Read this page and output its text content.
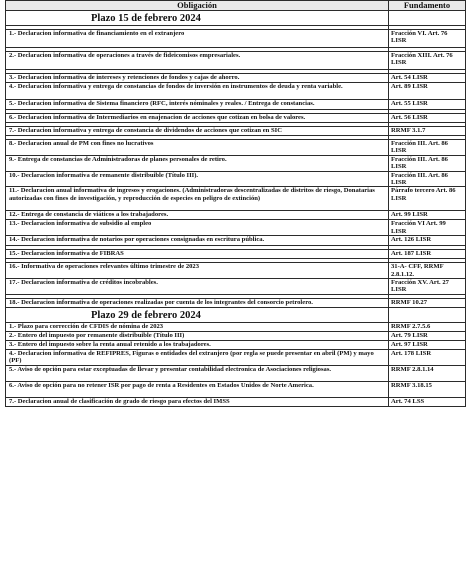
Obligación	Fundamento
Plazo 15 de febrero 2024	

1.- Declaracion informativa de financiamiento en el extranjero	Fracción VI. Art. 76 LISR

2.- Declaracion informativa de operaciones a través de fideicomisos empresariales.	Fracción XIII. Art. 76 LISR

3.- Declaracion informativa de intereses y retenciones de fondos y cajas de ahorro.	Art. 54 LISR
4.- Declaracion informativa y entrega de constancias de fondos de inversión en instrumentos de deuda y renta variable.	Art. 89 LISR
5.- Declaracion informativa de Sistema financiero (RFC, interés nóminales y reales. / Entrega de constancias.	Art. 55 LISR

6.- Declaracion informativa de Intermediarios en enajenacion de acciones que cotizan en bolsa de valores.	Art. 56 LISR

7.- Declaracion informativa y entrega de constancia de dividendos de acciones que cotizan en SIC	RRMF 3.1.7

8.- Declaracion anual de PM con fines no lucrativos	Fracción III. Art. 86 LISR
9.- Entrega de constancias de Administradoras de planes personales de retiro.	Fracción III. Art. 86 LISR
10.- Declaracion informativa de remanente distribuible (Título III).	Fracción III. Art. 86 LISR
11.- Declaracion anual informativa de ingresos y erogaciones. (Administradoras descentralizadas de distritos de riesgo, Donatarias autorizadas con fines de investigación, y reproducción de especies en peligro de extinción)	Párrafo tercero Art. 86 LISR
12.- Entrega de constancia de viáticos a los trabajadores.	Art. 99 LISR
13.- Declaracion informativa de subsidio al empleo	Fracción VI Art. 99 LISR
14.- Declaracion informativa de notarios por operaciones consignadas en escritura pública.	Art. 126 LISR

15.- Declaracion informativa de FIBRAS	Art. 187 LISR

16.- Informativa de operaciones relevantes último trimestre de 2023	31-A- CFF, RRMF 2.8.1.12.
17.- Declaracion informativa de créditos incobrables.	Fracción XV. Art. 27 LISR

18.- Declaracion informativa de operaciones realizadas por cuenta de los integrantes del consorcio petrolero.	RRMF 10.27
Plazo 29 de febrero 2024	
1.- Plazo para corrección de CFDIS de nómina de 2023	RRMF 2.7.5.6
2.- Entero del impuesto por remanente distribuible (Título III)	Art. 79 LISR
3.- Entero del impuesto sobre la renta anual retenido a los trabajadores.	Art. 97 LISR
4.- Declaracion informativa de REFIPRES, Figuras o entidades del extranjero (por regla se puede presentar en abril (PM) y mayo (PF)	Art. 178 LISR
5.- Aviso de opción para estar exceptuadas de llevar y presentar contabilidad electronica de Asociaciones religiosas.	RRMF 2.8.1.14
6.- Aviso de opción para no retener ISR por pago de renta a Residentes en Estados Unidos de Norte America.	RRMF 3.18.15
7.- Declaracion anual de clasificación de grado de riesgo para efectos del IMSS	Art. 74 LSS
